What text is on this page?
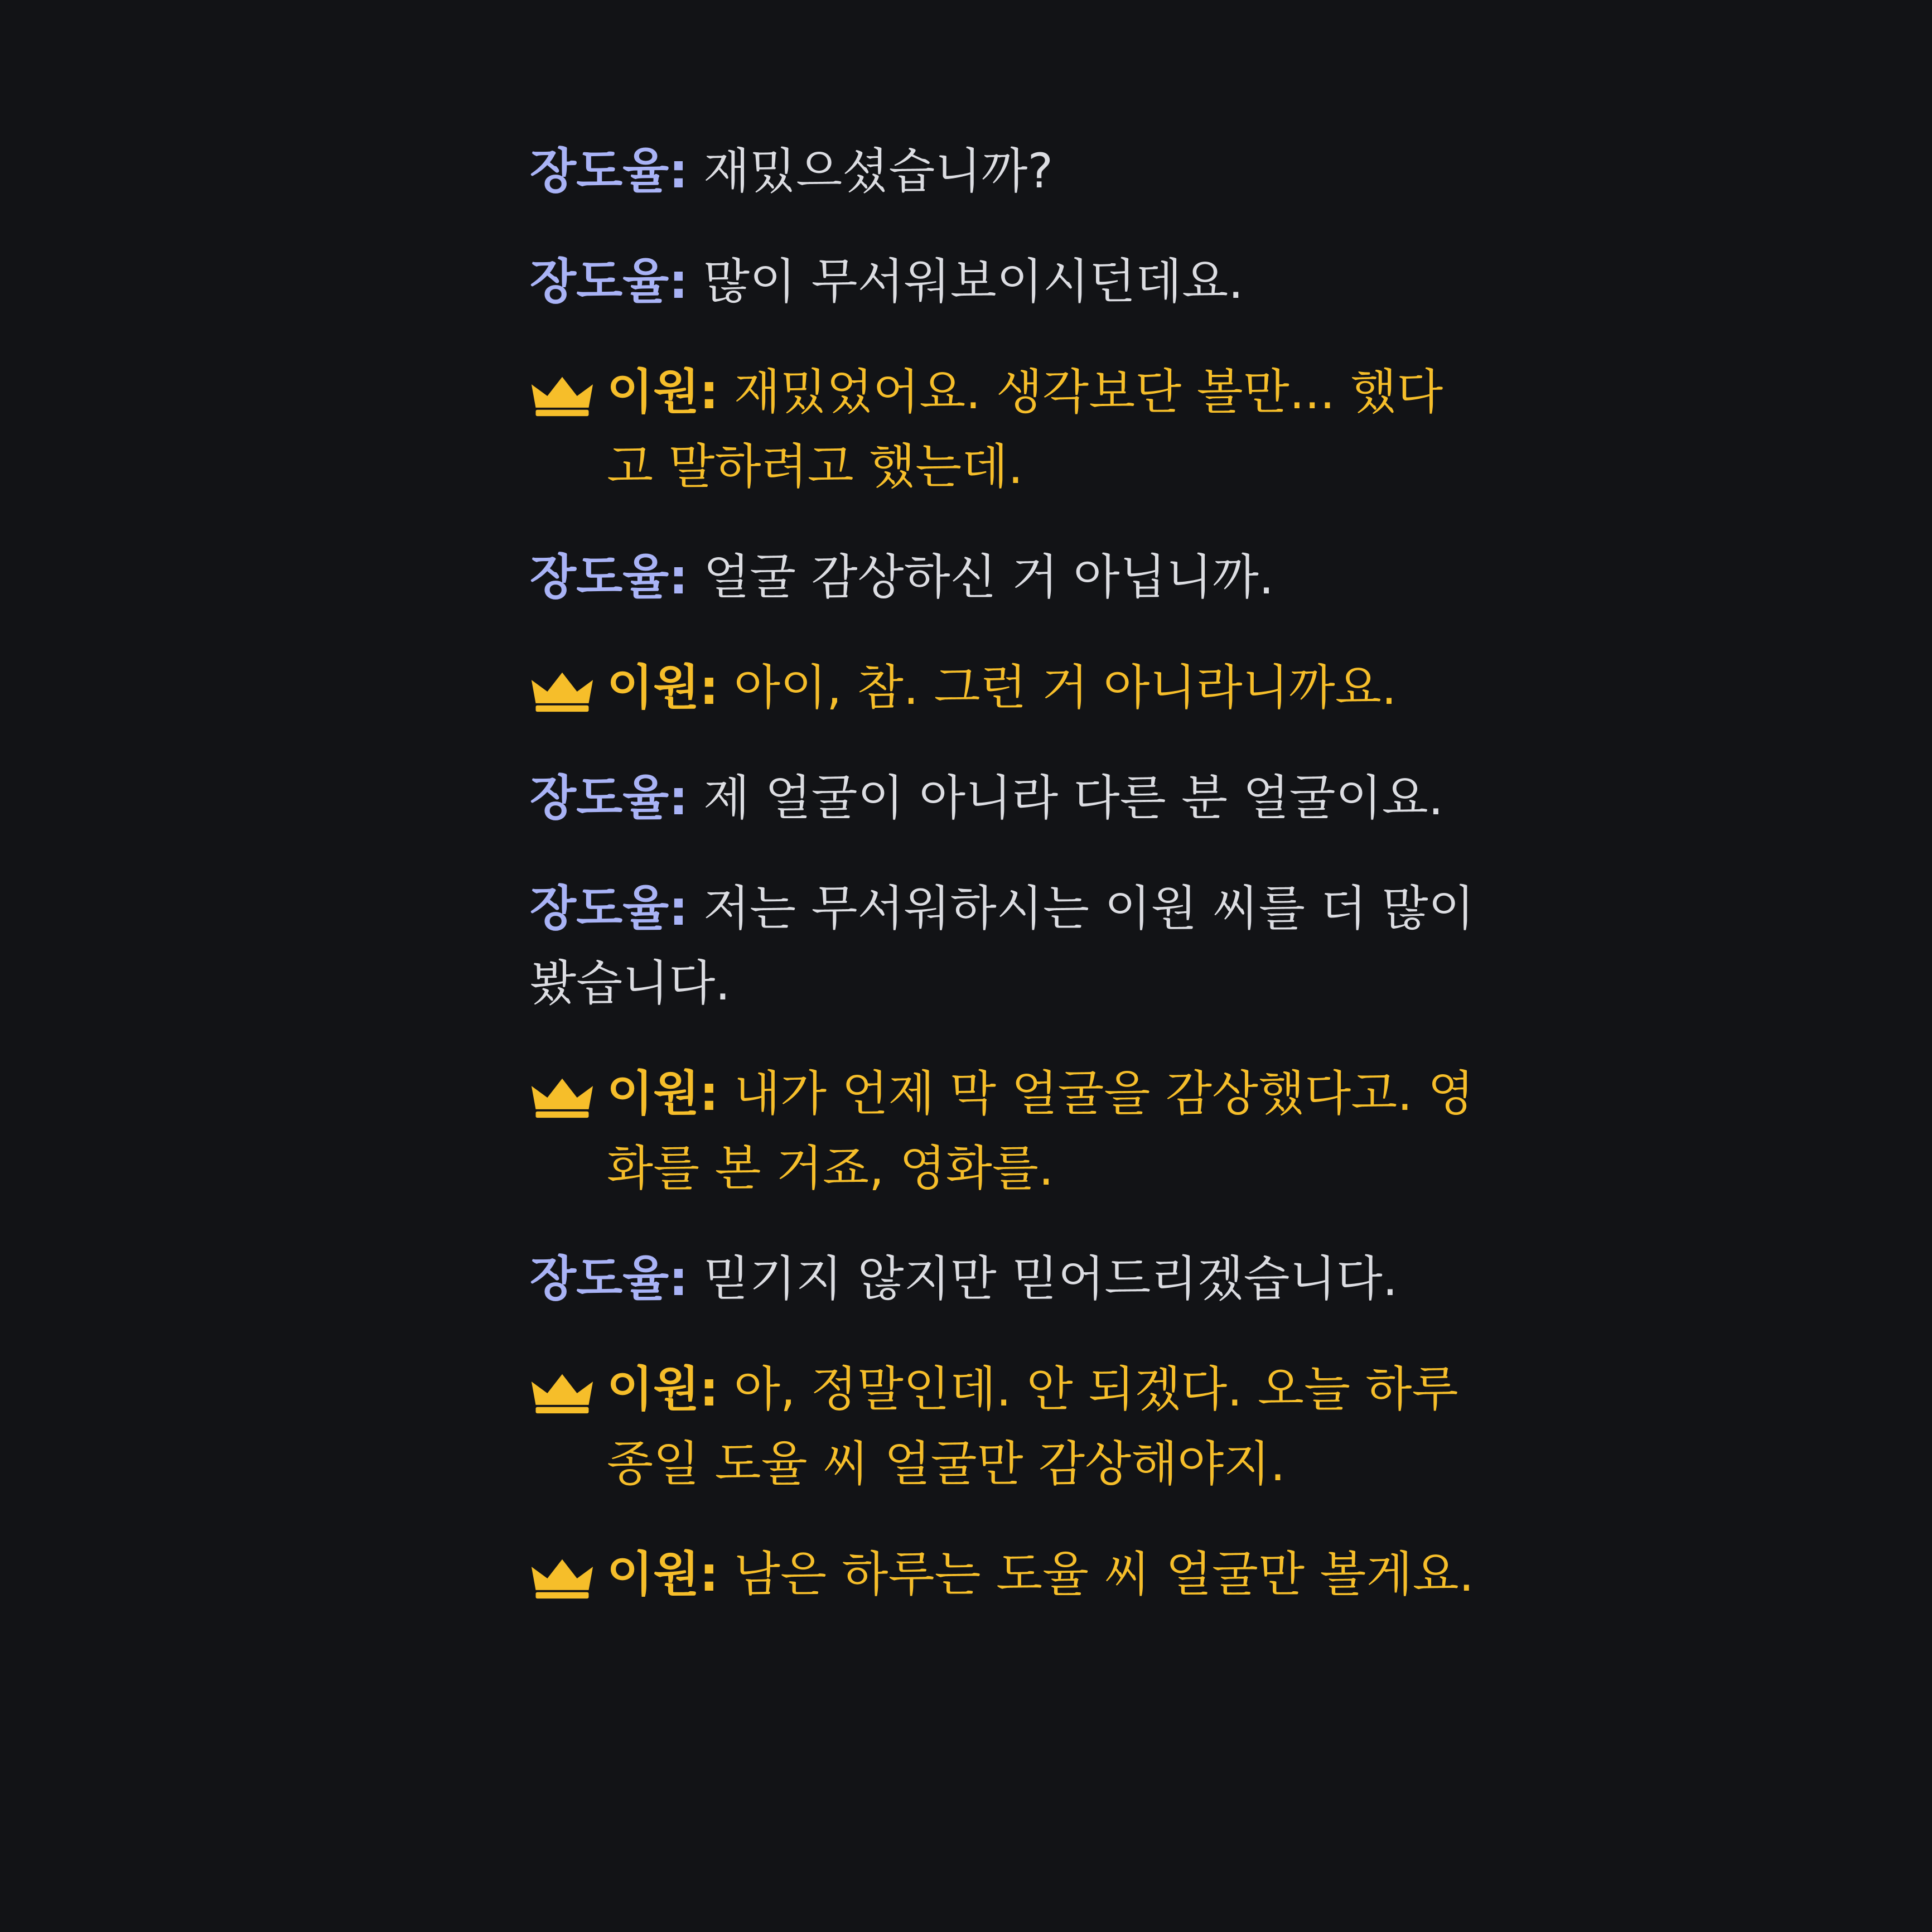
장도율: 재밌으셨습니까?
장도율: 많이 무서워보이시던데요.
이원: 재밌었어요. 생각보단 볼만... 했다고 말하려고 했는데.
장도율: 얼굴 감상하신 거 아닙니까.
이원: 아이, 참. 그런 거 아니라니까요.
장도율: 제 얼굴이 아니라 다른 분 얼굴이요.
장도율: 저는 무서워하시는 이원 씨를 더 많이 봤습니다.
이원: 내가 언제 막 얼굴을 감상했다고. 영화를 본 거죠, 영화를.
장도율: 믿기지 않지만 믿어드리겠습니다.
이원: 아, 정말인데. 안 되겠다. 오늘 하루 종일 도율 씨 얼굴만 감상해야지.
이원: 남은 하루는 도율 씨 얼굴만 볼게요.
